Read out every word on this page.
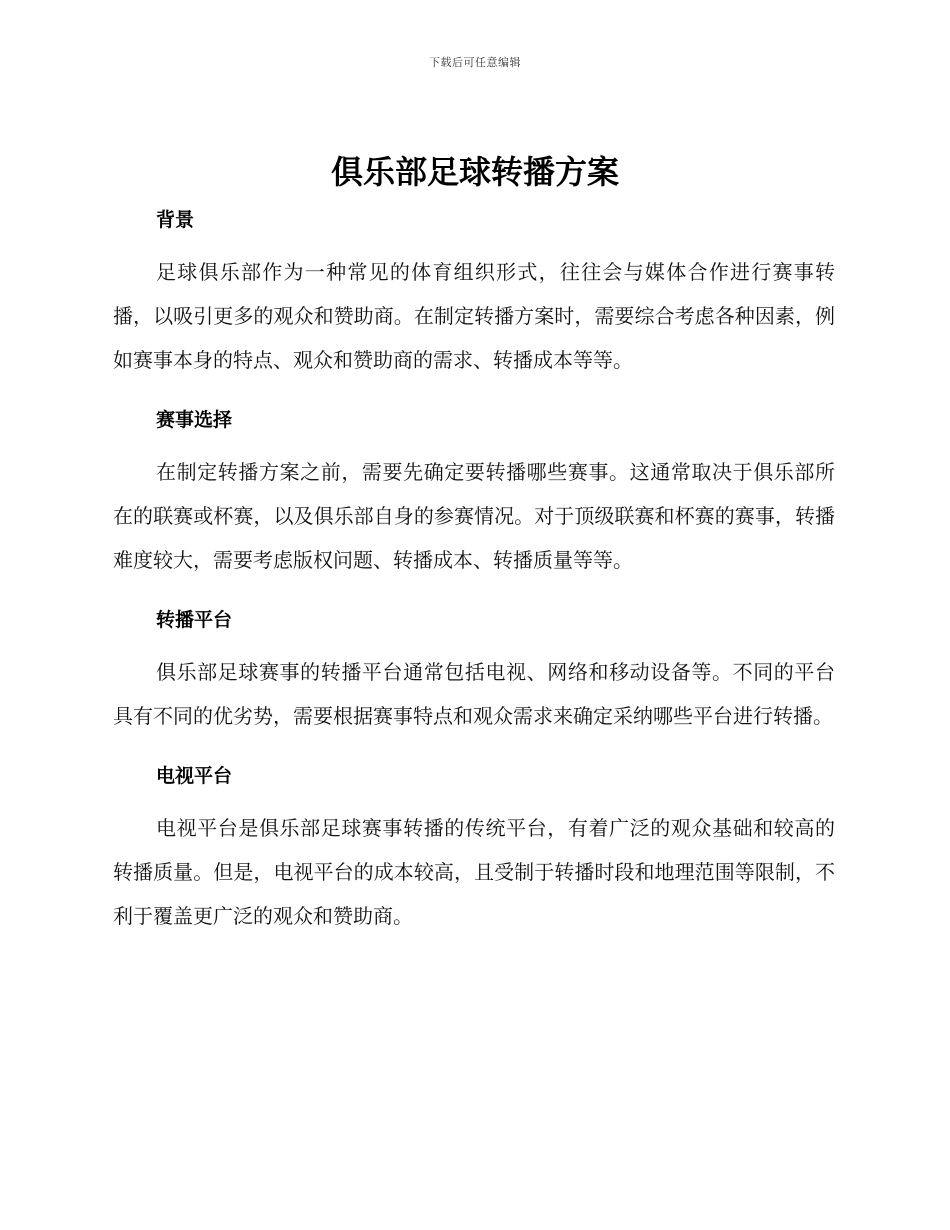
下载后可任意编辑
俱乐部足球转播方案
背景

足球俱乐部作为一种常见的体育组织形式，往往会与媒体合作进行赛事转播，以吸引更多的观众和赞助商。在制定转播方案时，需要综合考虑各种因素，例如赛事本身的特点、观众和赞助商的需求、转播成本等等。

赛事选择

在制定转播方案之前，需要先确定要转播哪些赛事。这通常取决于俱乐部所在的联赛或杯赛，以及俱乐部自身的参赛情况。对于顶级联赛和杯赛的赛事，转播难度较大，需要考虑版权问题、转播成本、转播质量等等。

转播平台

俱乐部足球赛事的转播平台通常包括电视、网络和移动设备等。不同的平台具有不同的优劣势，需要根据赛事特点和观众需求来确定采纳哪些平台进行转播。

电视平台

电视平台是俱乐部足球赛事转播的传统平台，有着广泛的观众基础和较高的转播质量。但是，电视平台的成本较高，且受制于转播时段和地理范围等限制，不利于覆盖更广泛的观众和赞助商。
